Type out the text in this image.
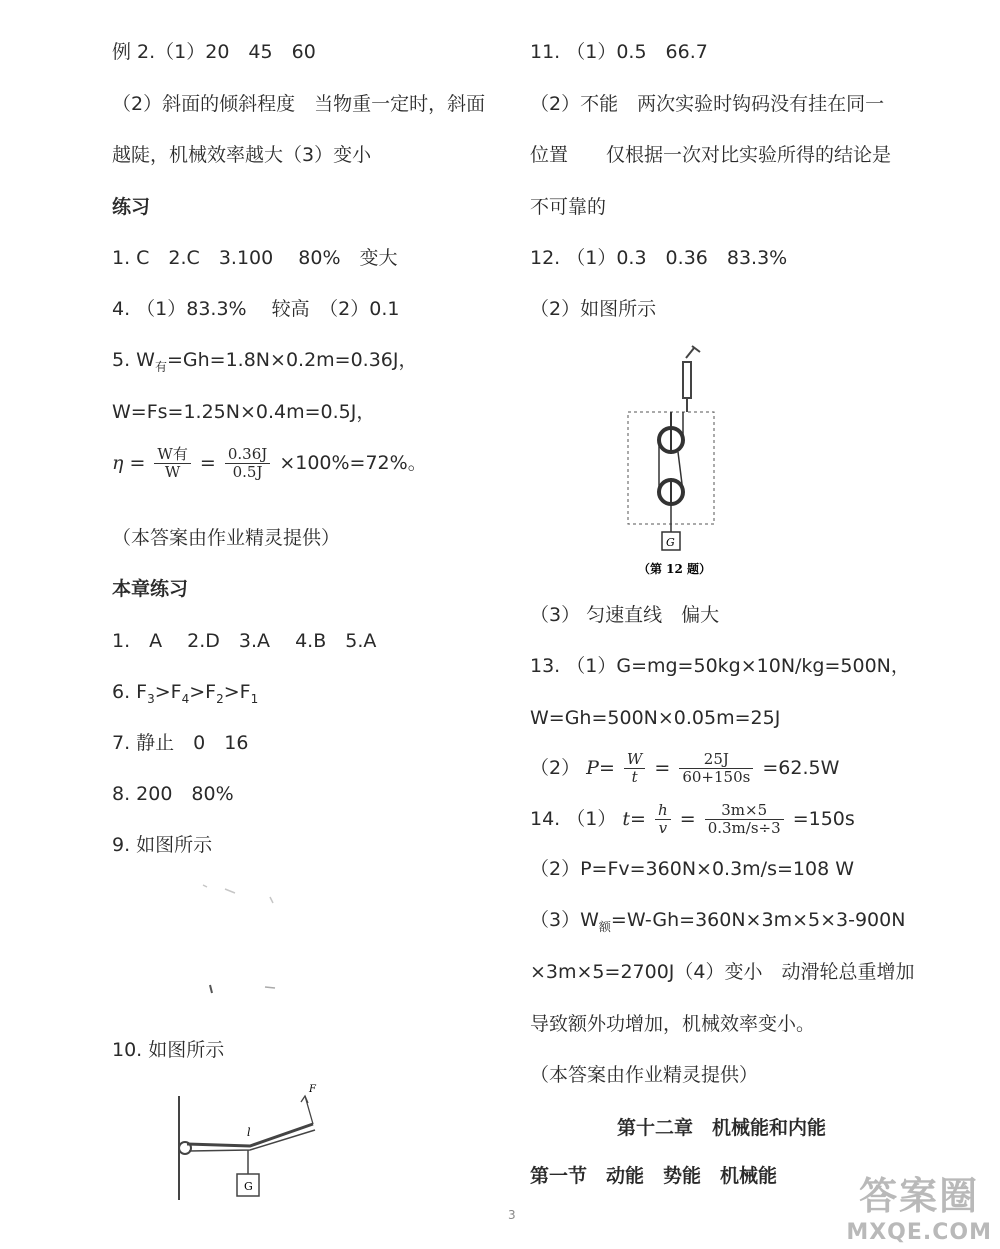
例 2.（1）20　45　60
（2）斜面的倾斜程度　当物重一定时，斜面
越陡，机械效率越大（3）变小
练习
1. C　2.C　3.100　 80%　变大
4. （1）83.3%　 较高　（2）0.1
5. $W_有=Gh=1.8N\times 0.2m=0.36J$，
W=Fs=1.25N×0.4m=0.5J，
$\eta = \frac{\text{W有}}{W} = \frac{0.36J}{0.5J} \times 100\%=72\%$。
（本答案由作业精灵提供）
本章练习
1.　A　 2.D　3.A　 4.B　5.A
6. $F_3>F_4>F_2>F_1$
7. 静止　0　16
8. 200　80%
9. 如图所示
10. 如图所示
G
l
F
11. （1）0.5　66.7
（2）不能　两次实验时钩码没有挂在同一
位置　　仅根据一次对比实验所得的结论是
不可靠的
12. （1）0.3　0.36　83.3%
（2）如图所示
（3） 匀速直线　偏大
13. （1）G=mg=50kg×10N/kg=500N，
W=Gh=500N×0.05m=25J
（2） $P= \frac{W}{t} = \frac{25J}{60+150s} =62.5W$
14. （1） $t= \frac{h}{v} = \frac{3m\times 5}{0.3m/s\div 3} =150s$
（2）P=Fv=360N×0.3m/s=108 W
$(3)W_额=W-Gh=360N\times 3m\times 5\times 3-900N$
×3m×5=2700J（4）变小　动滑轮总重增加
导致额外功增加，机械效率变小。
（本答案由作业精灵提供）
第一节　动能　势能　机械能
第十二章　机械能和内能
G
（第 12 题）
3	答案圈
MXQE.COM
